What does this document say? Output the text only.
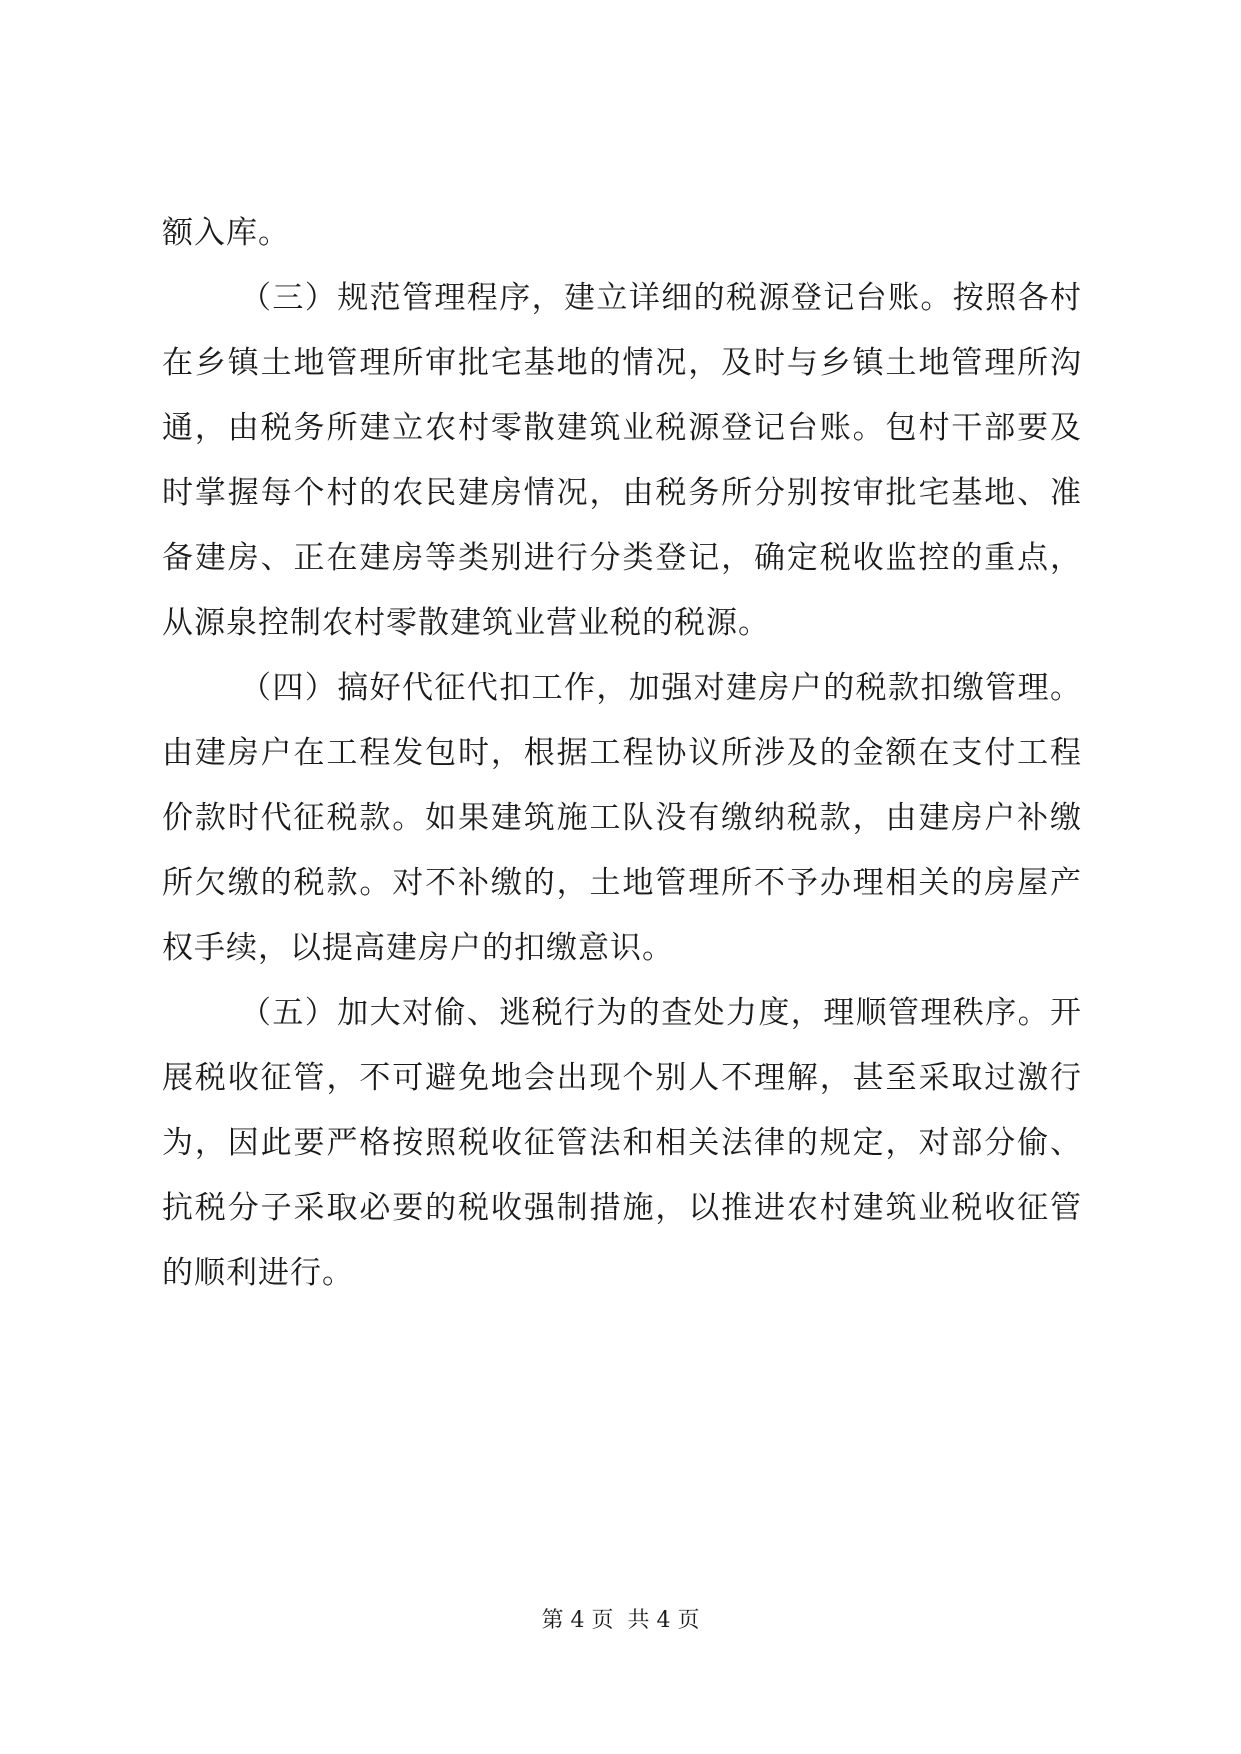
额入库。
（三）规范管理程序，建立详细的税源登记台账。按照各村
在乡镇土地管理所审批宅基地的情况，及时与乡镇土地管理所沟
通，由税务所建立农村零散建筑业税源登记台账。包村干部要及
时掌握每个村的农民建房情况，由税务所分别按审批宅基地、准
备建房、正在建房等类别进行分类登记，确定税收监控的重点，
从源泉控制农村零散建筑业营业税的税源。
（四）搞好代征代扣工作，加强对建房户的税款扣缴管理。
由建房户在工程发包时，根据工程协议所涉及的金额在支付工程
价款时代征税款。如果建筑施工队没有缴纳税款，由建房户补缴
所欠缴的税款。对不补缴的，土地管理所不予办理相关的房屋产
权手续，以提高建房户的扣缴意识。
（五）加大对偷、逃税行为的查处力度，理顺管理秩序。开
展税收征管，不可避免地会出现个别人不理解，甚至采取过激行
为，因此要严格按照税收征管法和相关法律的规定，对部分偷、
抗税分子采取必要的税收强制措施，以推进农村建筑业税收征管
的顺利进行。
第 4 页  共 4 页
